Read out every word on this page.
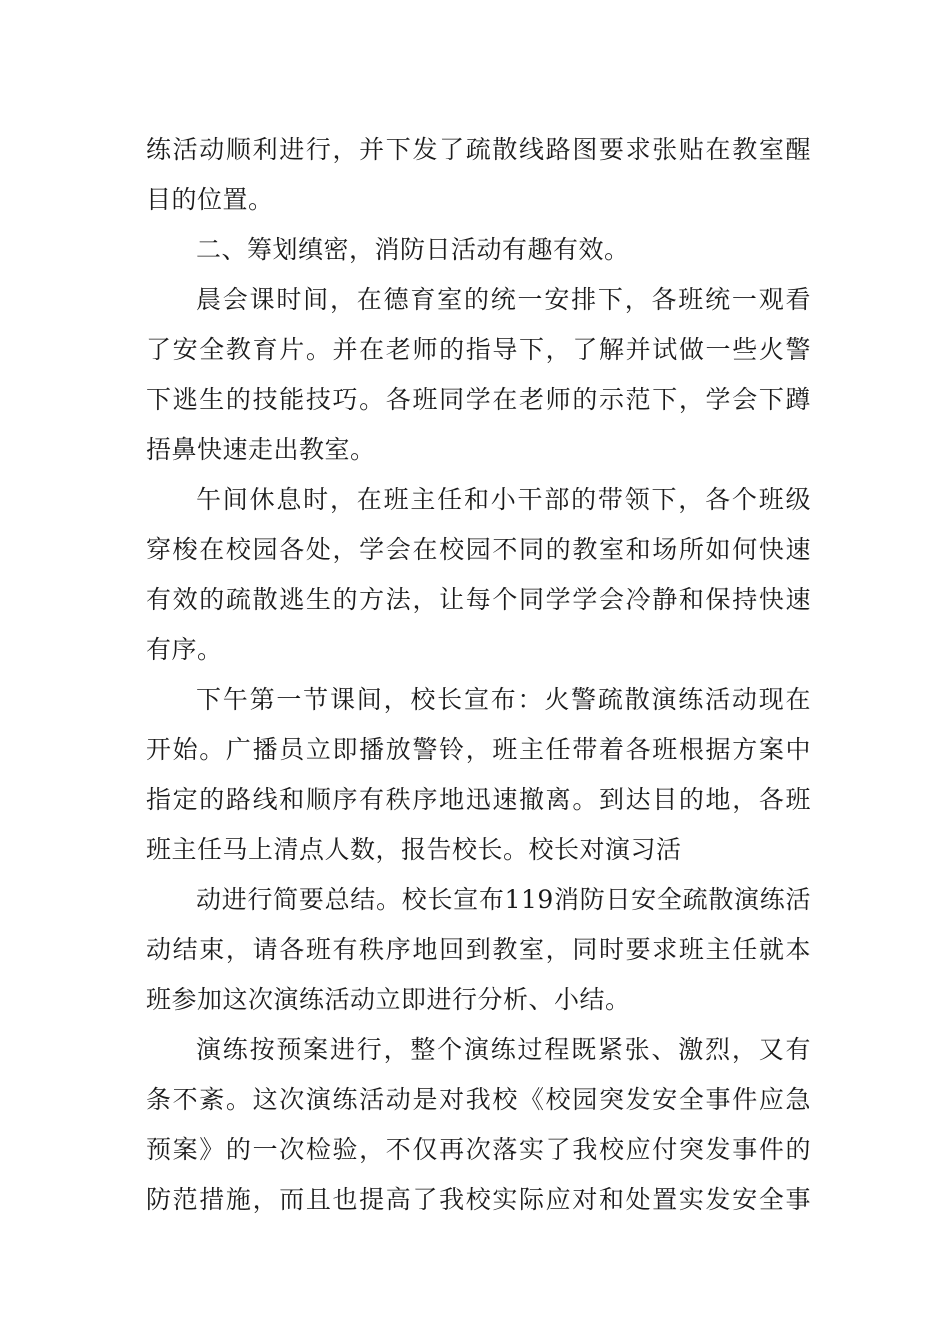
练活动顺利进行，并下发了疏散线路图要求张贴在教室醒
目的位置。
二、筹划缜密，消防日活动有趣有效。
晨会课时间，在德育室的统一安排下，各班统一观看
了安全教育片。并在老师的指导下，了解并试做一些火警
下逃生的技能技巧。各班同学在老师的示范下，学会下蹲
捂鼻快速走出教室。
午间休息时，在班主任和小干部的带领下，各个班级
穿梭在校园各处，学会在校园不同的教室和场所如何快速
有效的疏散逃生的方法，让每个同学学会冷静和保持快速
有序。
下午第一节课间，校长宣布：火警疏散演练活动现在
开始。广播员立即播放警铃，班主任带着各班根据方案中
指定的路线和顺序有秩序地迅速撤离。到达目的地，各班
班主任马上清点人数，报告校长。校长对演习活
动进行简要总结。校长宣布119消防日安全疏散演练活
动结束，请各班有秩序地回到教室，同时要求班主任就本
班参加这次演练活动立即进行分析、小结。
演练按预案进行，整个演练过程既紧张、激烈，又有
条不紊。这次演练活动是对我校《校园突发安全事件应急
预案》的一次检验，不仅再次落实了我校应付突发事件的
防范措施，而且也提高了我校实际应对和处置实发安全事
